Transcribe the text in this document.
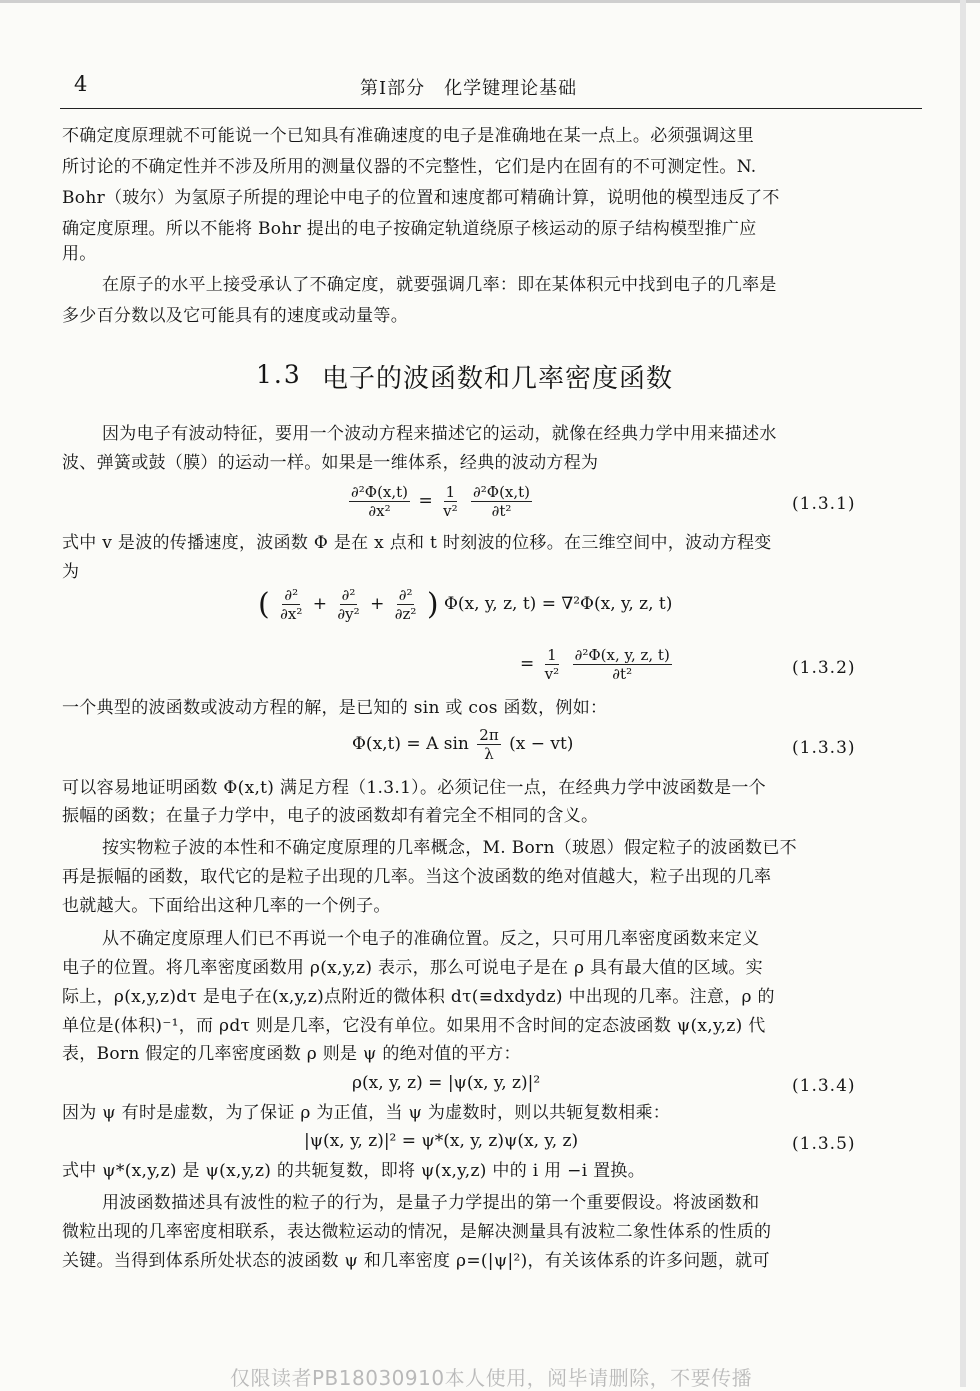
4	第Ⅰ部分　化学键理论基础
不确定度原理就不可能说一个已知具有准确速度的电子是准确地在某一点上。必须强调这里
所讨论的不确定性并不涉及所用的测量仪器的不完整性，它们是内在固有的不可测定性。N.
Bohr（玻尔）为氢原子所提的理论中电子的位置和速度都可精确计算，说明他的模型违反了不
确定度原理。所以不能将 Bohr 提出的电子按确定轨道绕原子核运动的原子结构模型推广应
用。
在原子的水平上接受承认了不确定度，就要强调几率：即在某体积元中找到电子的几率是
多少百分数以及它可能具有的速度或动量等。
1.3 电子的波函数和几率密度函数
因为电子有波动特征，要用一个波动方程来描述它的运动，就像在经典力学中用来描述水
波、弹簧或鼓（膜）的运动一样。如果是一维体系，经典的波动方程为
$\frac{\text{∂²Φ(x,t)}}{\text{∂x²}} = \frac{1}{\text{v²}}$
$\frac{\text{∂²Φ(x,t)}}{\text{∂t²}}$	(1.3.1)
式中 v 是波的传播速度，波函数 Φ 是在 x 点和 t 时刻波的位移。在三维空间中，波动方程变
为
( $\frac{\text{∂²}}{\text{∂x²}} + \frac{\text{∂²}}{\text{∂y²}} + \frac{\text{∂²}}{\text{∂z²}}$ ) Φ(x, y, z, t) = ∇²Φ(x, y, z, t)
= $\frac{1}{\text{v²}}$
$\frac{\text{∂²Φ(x, y, z, t)}}{\text{∂t²}}$	(1.3.2)
一个典型的波函数或波动方程的解，是已知的 sin 或 cos 函数，例如：
Φ(x,t) = A $\sin \frac{2\pi}{\lambda} (x - vt)$	(1.3.3)
可以容易地证明函数 Φ(x,t) 满足方程（1.3.1）。必须记住一点，在经典力学中波函数是一个
振幅的函数；在量子力学中，电子的波函数却有着完全不相同的含义。
按实物粒子波的本性和不确定度原理的几率概念，M. Born（玻恩）假定粒子的波函数已不
再是振幅的函数，取代它的是粒子出现的几率。当这个波函数的绝对值越大，粒子出现的几率
也就越大。下面给出这种几率的一个例子。
从不确定度原理人们已不再说一个电子的准确位置。反之，只可用几率密度函数来定义
电子的位置。将几率密度函数用 ρ(x,y,z) 表示，那么可说电子是在 ρ 具有最大值的区域。实
际上，ρ(x,y,z)dτ 是电子在(x,y,z)点附近的微体积 dτ(≡dxdydz) 中出现的几率。注意，ρ 的
单位是(体积)⁻¹，而 ρdτ 则是几率，它没有单位。如果用不含时间的定态波函数 ψ(x,y,z) 代
表，Born 假定的几率密度函数 ρ 则是 ψ 的绝对值的平方：
ρ(x, y, z) = |ψ(x, y, z)|²	(1.3.4)
因为 ψ 有时是虚数，为了保证 ρ 为正值，当 ψ 为虚数时，则以共轭复数相乘：
|ψ(x, y, z)|² = ψ*(x, y, z)ψ(x, y, z)	(1.3.5)
式中 ψ*(x,y,z) 是 ψ(x,y,z) 的共轭复数，即将 ψ(x,y,z) 中的 i 用 −i 置换。
用波函数描述具有波性的粒子的行为，是量子力学提出的第一个重要假设。将波函数和
微粒出现的几率密度相联系，表达微粒运动的情况，是解决测量具有波粒二象性体系的性质的
关键。当得到体系所处状态的波函数 ψ 和几率密度 ρ=(|ψ|²)，有关该体系的许多问题，就可
仅限读者PB18030910本人使用，阅毕请删除，不要传播
